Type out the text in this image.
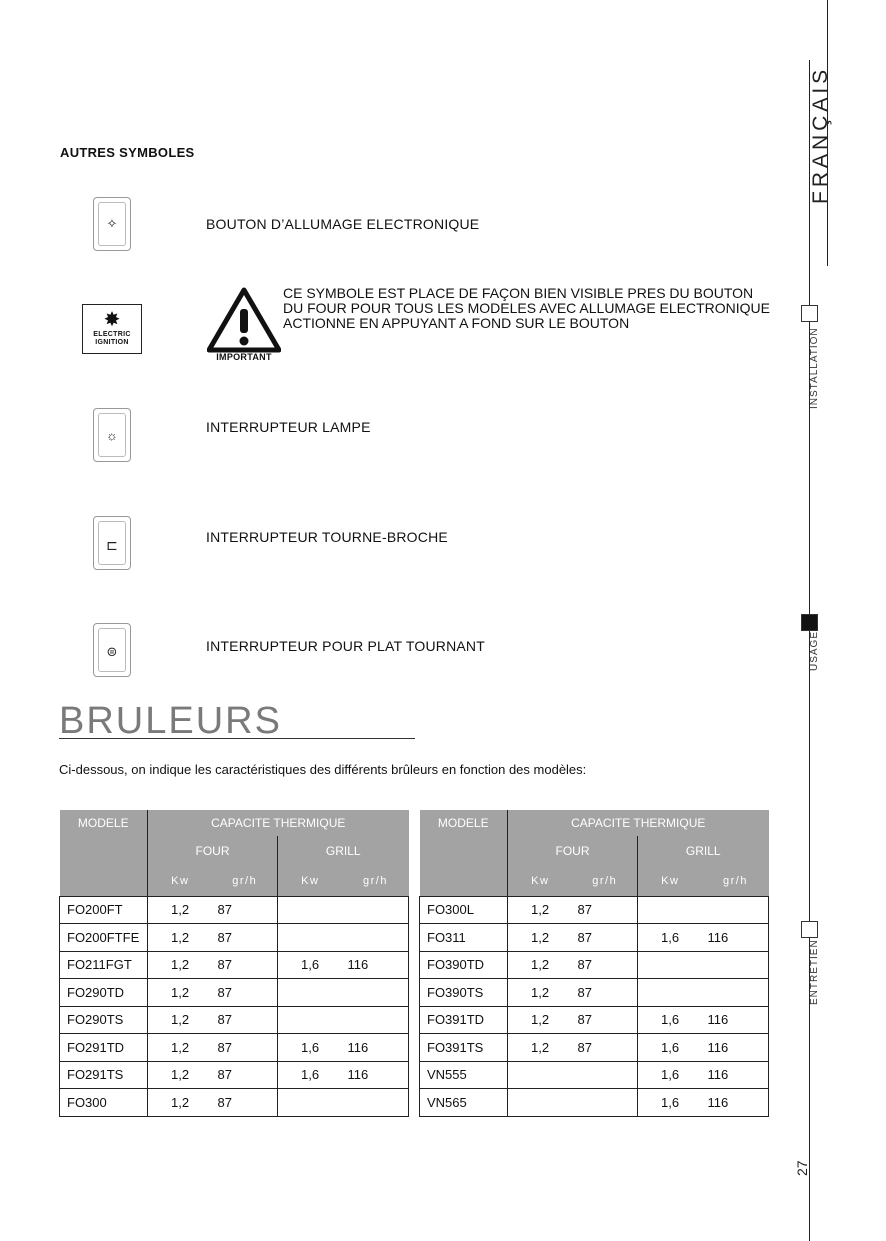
FRANÇAIS
INSTALLATION
USAGE
ENTRETIEN
27
AUTRES SYMBOLES
✧	BOUTON D’ALLUMAGE ELECTRONIQUE
✸
ELECTRIC
IGNITION
IMPORTANT
CE SYMBOLE EST PLACE DE FAÇON BIEN VISIBLE PRES DU BOUTON
DU FOUR POUR TOUS LES MODELES AVEC ALLUMAGE ELECTRONIQUE
ACTIONNE EN APPUYANT A FOND SUR LE BOUTON
☼
INTERRUPTEUR LAMPE
⊏	INTERRUPTEUR TOURNE-BROCHE
⊜	INTERRUPTEUR POUR PLAT TOURNANT
BRULEURS
Ci-dessous, on indique les caractéristiques des différents brûleurs en fonction des modèles:
MODELE	CAPACITE THERMIQUE			
	FOUR		GRILL	
	Kw	gr/h	Kw	gr/h
FO200FT	1,2	87		
FO200FTFE	1,2	87		
FO211FGT	1,2	87	1,6	116
FO290TD	1,2	87		
FO290TS	1,2	87		
FO291TD	1,2	87	1,6	116
FO291TS	1,2	87	1,6	116
FO300	1,2	87		
MODELE	CAPACITE THERMIQUE			
	FOUR		GRILL	
	Kw	gr/h	Kw	gr/h
FO300L	1,2	87		
FO311	1,2	87	1,6	116
FO390TD	1,2	87		
FO390TS	1,2	87		
FO391TD	1,2	87	1,6	116
FO391TS	1,2	87	1,6	116
VN555			1,6	116
VN565			1,6	116
